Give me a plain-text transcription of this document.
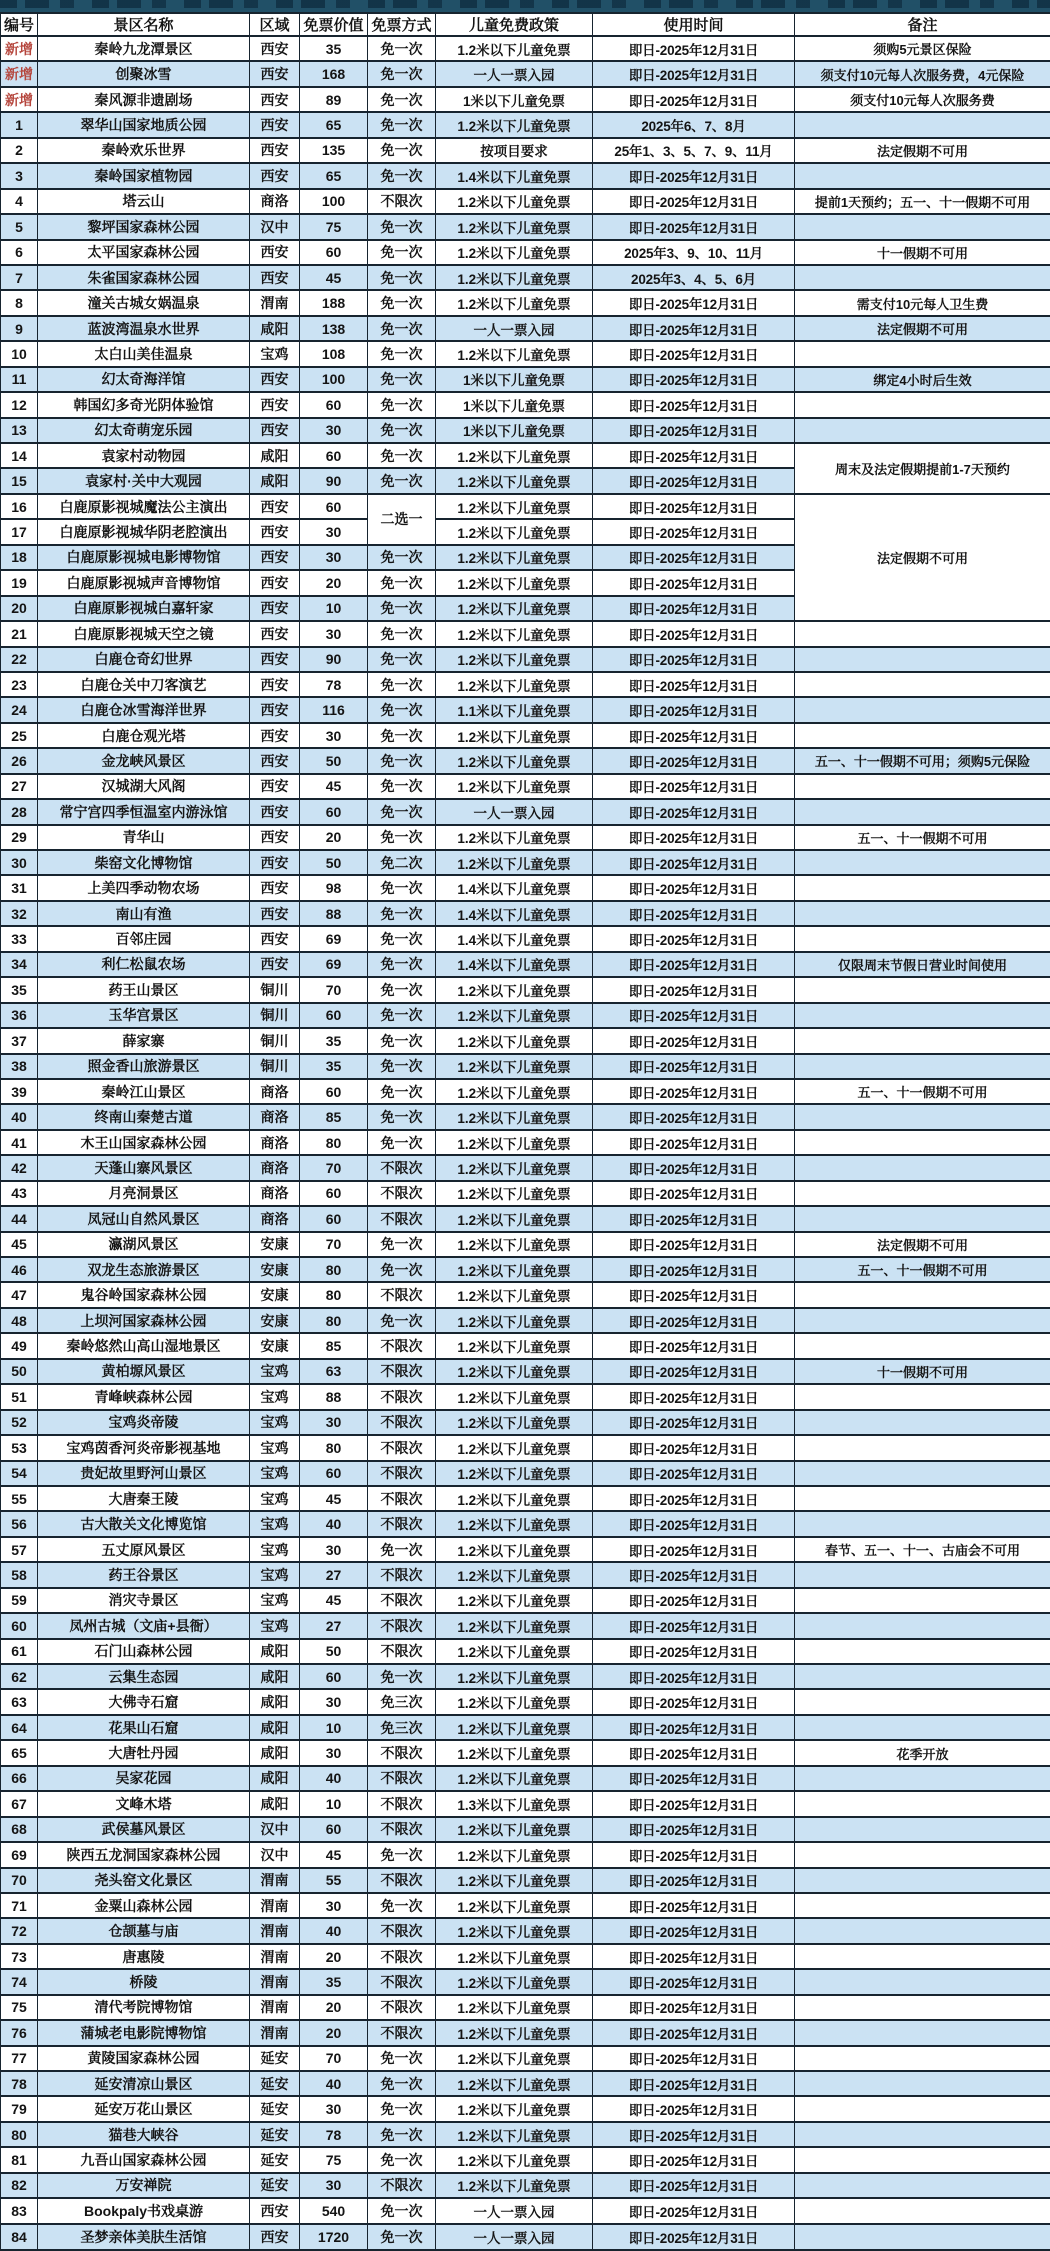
编号	景区名称	区域	免票价值	免票方式	儿童免费政策	使用时间	备注
新增	秦岭九龙潭景区	西安	35	免一次	1.2米以下儿童免票	即日-2025年12月31日	须购5元景区保险
新增	创聚冰雪	西安	168	免一次	一人一票入园	即日-2025年12月31日	须支付10元每人次服务费，4元保险
新增	秦风源非遗剧场	西安	89	免一次	1米以下儿童免票	即日-2025年12月31日	须支付10元每人次服务费
1	翠华山国家地质公园	西安	65	免一次	1.2米以下儿童免票	2025年6、7、8月	
2	秦岭欢乐世界	西安	135	免一次	按项目要求	25年1、3、5、7、9、11月	法定假期不可用
3	秦岭国家植物园	西安	65	免一次	1.4米以下儿童免票	即日-2025年12月31日	
4	塔云山	商洛	100	不限次	1.2米以下儿童免票	即日-2025年12月31日	提前1天预约；五一、十一假期不可用
5	黎坪国家森林公园	汉中	75	免一次	1.2米以下儿童免票	即日-2025年12月31日	
6	太平国家森林公园	西安	60	免一次	1.2米以下儿童免票	2025年3、9、10、11月	十一假期不可用
7	朱雀国家森林公园	西安	45	免一次	1.2米以下儿童免票	2025年3、4、5、6月	
8	潼关古城女娲温泉	渭南	188	免一次	1.2米以下儿童免票	即日-2025年12月31日	需支付10元每人卫生费
9	蓝波湾温泉水世界	咸阳	138	免一次	一人一票入园	即日-2025年12月31日	法定假期不可用
10	太白山美佳温泉	宝鸡	108	免一次	1.2米以下儿童免票	即日-2025年12月31日	
11	幻太奇海洋馆	西安	100	免一次	1米以下儿童免票	即日-2025年12月31日	绑定4小时后生效
12	韩国幻多奇光阴体验馆	西安	60	免一次	1米以下儿童免票	即日-2025年12月31日	
13	幻太奇萌宠乐园	西安	30	免一次	1米以下儿童免票	即日-2025年12月31日	
14	袁家村动物园	咸阳	60	免一次	1.2米以下儿童免票	即日-2025年12月31日	周末及法定假期提前1-7天预约
15	袁家村·关中大观园	咸阳	90	免一次	1.2米以下儿童免票	即日-2025年12月31日	
16	白鹿原影视城魔法公主演出	西安	60	二选一	1.2米以下儿童免票	即日-2025年12月31日	法定假期不可用
17	白鹿原影视城华阴老腔演出	西安	30		1.2米以下儿童免票	即日-2025年12月31日	
18	白鹿原影视城电影博物馆	西安	30	免一次	1.2米以下儿童免票	即日-2025年12月31日	
19	白鹿原影视城声音博物馆	西安	20	免一次	1.2米以下儿童免票	即日-2025年12月31日	
20	白鹿原影视城白嘉轩家	西安	10	免一次	1.2米以下儿童免票	即日-2025年12月31日	
21	白鹿原影视城天空之镜	西安	30	免一次	1.2米以下儿童免票	即日-2025年12月31日	
22	白鹿仓奇幻世界	西安	90	免一次	1.2米以下儿童免票	即日-2025年12月31日	
23	白鹿仓关中刀客演艺	西安	78	免一次	1.2米以下儿童免票	即日-2025年12月31日	
24	白鹿仓冰雪海洋世界	西安	116	免一次	1.1米以下儿童免票	即日-2025年12月31日	
25	白鹿仓观光塔	西安	30	免一次	1.2米以下儿童免票	即日-2025年12月31日	
26	金龙峡风景区	西安	50	免一次	1.2米以下儿童免票	即日-2025年12月31日	五一、十一假期不可用；须购5元保险
27	汉城湖大风阁	西安	45	免一次	1.2米以下儿童免票	即日-2025年12月31日	
28	常宁宫四季恒温室内游泳馆	西安	60	免一次	一人一票入园	即日-2025年12月31日	
29	青华山	西安	20	免一次	1.2米以下儿童免票	即日-2025年12月31日	五一、十一假期不可用
30	柴窑文化博物馆	西安	50	免二次	1.2米以下儿童免票	即日-2025年12月31日	
31	上美四季动物农场	西安	98	免一次	1.4米以下儿童免票	即日-2025年12月31日	
32	南山有渔	西安	88	免一次	1.4米以下儿童免票	即日-2025年12月31日	
33	百邻庄园	西安	69	免一次	1.4米以下儿童免票	即日-2025年12月31日	
34	利仁松鼠农场	西安	69	免一次	1.4米以下儿童免票	即日-2025年12月31日	仅限周末节假日营业时间使用
35	药王山景区	铜川	70	免一次	1.2米以下儿童免票	即日-2025年12月31日	
36	玉华宫景区	铜川	60	免一次	1.2米以下儿童免票	即日-2025年12月31日	
37	薛家寨	铜川	35	免一次	1.2米以下儿童免票	即日-2025年12月31日	
38	照金香山旅游景区	铜川	35	免一次	1.2米以下儿童免票	即日-2025年12月31日	
39	秦岭江山景区	商洛	60	免一次	1.2米以下儿童免票	即日-2025年12月31日	五一、十一假期不可用
40	终南山秦楚古道	商洛	85	免一次	1.2米以下儿童免票	即日-2025年12月31日	
41	木王山国家森林公园	商洛	80	免一次	1.2米以下儿童免票	即日-2025年12月31日	
42	天蓬山寨风景区	商洛	70	不限次	1.2米以下儿童免票	即日-2025年12月31日	
43	月亮洞景区	商洛	60	不限次	1.2米以下儿童免票	即日-2025年12月31日	
44	凤冠山自然风景区	商洛	60	不限次	1.2米以下儿童免票	即日-2025年12月31日	
45	瀛湖风景区	安康	70	免一次	1.2米以下儿童免票	即日-2025年12月31日	法定假期不可用
46	双龙生态旅游景区	安康	80	免一次	1.2米以下儿童免票	即日-2025年12月31日	五一、十一假期不可用
47	鬼谷岭国家森林公园	安康	80	不限次	1.2米以下儿童免票	即日-2025年12月31日	
48	上坝河国家森林公园	安康	80	免一次	1.2米以下儿童免票	即日-2025年12月31日	
49	秦岭悠然山高山湿地景区	安康	85	不限次	1.2米以下儿童免票	即日-2025年12月31日	
50	黄柏塬风景区	宝鸡	63	不限次	1.2米以下儿童免票	即日-2025年12月31日	十一假期不可用
51	青峰峡森林公园	宝鸡	88	不限次	1.2米以下儿童免票	即日-2025年12月31日	
52	宝鸡炎帝陵	宝鸡	30	不限次	1.2米以下儿童免票	即日-2025年12月31日	
53	宝鸡茵香河炎帝影视基地	宝鸡	80	不限次	1.2米以下儿童免票	即日-2025年12月31日	
54	贵妃故里野河山景区	宝鸡	60	不限次	1.2米以下儿童免票	即日-2025年12月31日	
55	大唐秦王陵	宝鸡	45	不限次	1.2米以下儿童免票	即日-2025年12月31日	
56	古大散关文化博览馆	宝鸡	40	不限次	1.2米以下儿童免票	即日-2025年12月31日	
57	五丈原风景区	宝鸡	30	免一次	1.2米以下儿童免票	即日-2025年12月31日	春节、五一、十一、古庙会不可用
58	药王谷景区	宝鸡	27	不限次	1.2米以下儿童免票	即日-2025年12月31日	
59	消灾寺景区	宝鸡	45	不限次	1.2米以下儿童免票	即日-2025年12月31日	
60	凤州古城（文庙+县衙）	宝鸡	27	不限次	1.2米以下儿童免票	即日-2025年12月31日	
61	石门山森林公园	咸阳	50	不限次	1.2米以下儿童免票	即日-2025年12月31日	
62	云集生态园	咸阳	60	免一次	1.2米以下儿童免票	即日-2025年12月31日	
63	大佛寺石窟	咸阳	30	免三次	1.2米以下儿童免票	即日-2025年12月31日	
64	花果山石窟	咸阳	10	免三次	1.2米以下儿童免票	即日-2025年12月31日	
65	大唐牡丹园	咸阳	30	不限次	1.2米以下儿童免票	即日-2025年12月31日	花季开放
66	吴家花园	咸阳	40	不限次	1.2米以下儿童免票	即日-2025年12月31日	
67	文峰木塔	咸阳	10	不限次	1.3米以下儿童免票	即日-2025年12月31日	
68	武侯墓风景区	汉中	60	不限次	1.2米以下儿童免票	即日-2025年12月31日	
69	陕西五龙洞国家森林公园	汉中	45	免一次	1.2米以下儿童免票	即日-2025年12月31日	
70	尧头窑文化景区	渭南	55	不限次	1.2米以下儿童免票	即日-2025年12月31日	
71	金粟山森林公园	渭南	30	免一次	1.2米以下儿童免票	即日-2025年12月31日	
72	仓颉墓与庙	渭南	40	不限次	1.2米以下儿童免票	即日-2025年12月31日	
73	唐惠陵	渭南	20	不限次	1.2米以下儿童免票	即日-2025年12月31日	
74	桥陵	渭南	35	不限次	1.2米以下儿童免票	即日-2025年12月31日	
75	清代考院博物馆	渭南	20	不限次	1.2米以下儿童免票	即日-2025年12月31日	
76	蒲城老电影院博物馆	渭南	20	不限次	1.2米以下儿童免票	即日-2025年12月31日	
77	黄陵国家森林公园	延安	70	免一次	1.2米以下儿童免票	即日-2025年12月31日	
78	延安清凉山景区	延安	40	免一次	1.2米以下儿童免票	即日-2025年12月31日	
79	延安万花山景区	延安	30	免一次	1.2米以下儿童免票	即日-2025年12月31日	
80	猫巷大峡谷	延安	78	免一次	1.2米以下儿童免票	即日-2025年12月31日	
81	九吾山国家森林公园	延安	75	免一次	1.2米以下儿童免票	即日-2025年12月31日	
82	万安禅院	延安	30	不限次	1.2米以下儿童免票	即日-2025年12月31日	
83	Bookpaly书戏桌游	西安	540	免一次	一人一票入园	即日-2025年12月31日	
84	圣梦亲体美肤生活馆	西安	1720	免一次	一人一票入园	即日-2025年12月31日	
